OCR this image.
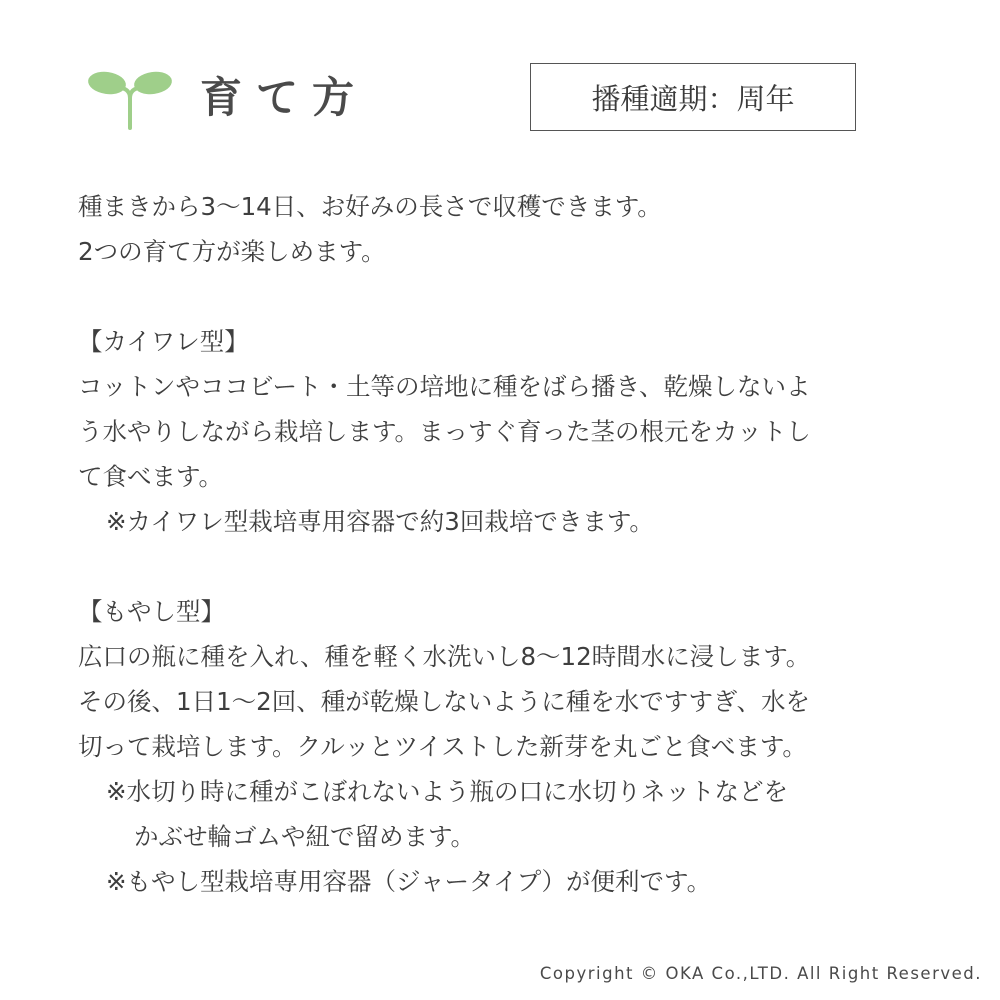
育て方	播種適期：周年
種まきから3〜14日、お好みの長さで収穫できます。
2つの育て方が楽しめます。
【カイワレ型】
コットンやココビート・土等の培地に種をばら播き、乾燥しないよ
う水やりしながら栽培します。まっすぐ育った茎の根元をカットし
て食べます。
※カイワレ型栽培専用容器で約3回栽培できます。
【もやし型】
広口の瓶に種を入れ、種を軽く水洗いし8〜12時間水に浸します。
その後、1日1〜2回、種が乾燥しないように種を水ですすぎ、水を
切って栽培します。クルッとツイストした新芽を丸ごと食べます。
※水切り時に種がこぼれないよう瓶の口に水切りネットなどを
かぶせ輪ゴムや紐で留めます。
※もやし型栽培専用容器（ジャータイプ）が便利です。
Copyright © OKA Co.,LTD. All Right Reserved.
